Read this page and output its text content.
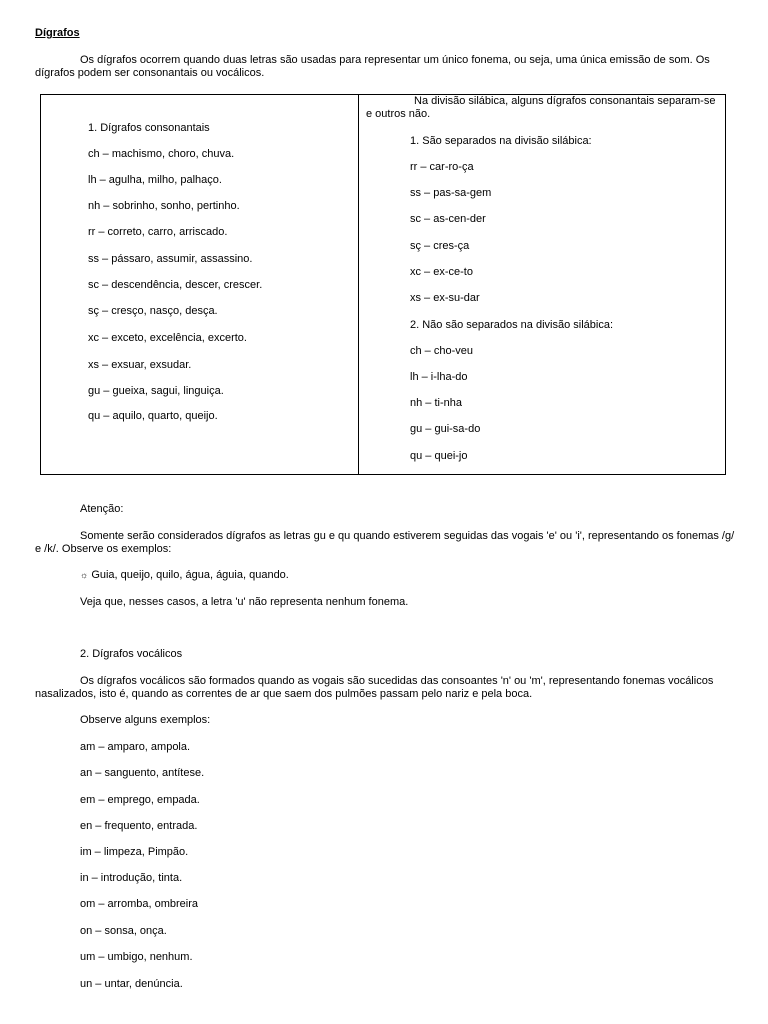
Dígrafos
Os dígrafos ocorrem quando duas letras são usadas para representar um único fonema, ou seja, uma única emissão de som. Os dígrafos podem ser consonantais ou vocálicos.
1. Dígrafos consonantais
ch – machismo, choro, chuva.
lh – agulha, milho, palhaço.
nh – sobrinho, sonho, pertinho.
rr – correto, carro, arriscado.
ss – pássaro, assumir, assassino.
sc – descendência, descer, crescer.
sç – cresço, nasço, desça.
xc – exceto, excelência, excerto.
xs – exsuar, exsudar.
gu – gueixa, sagui, linguiça.
qu – aquilo, quarto, queijo.
Na divisão silábica, alguns dígrafos consonantais separam-se e outros não.
1. São separados na divisão silábica:
rr – car-ro-ça
ss – pas-sa-gem
sc – as-cen-der
sç – cres-ça
xc – ex-ce-to
xs – ex-su-dar
2. Não são separados na divisão silábica:
ch – cho-veu
lh – i-lha-do
nh – ti-nha
gu – gui-sa-do
qu – quei-jo
Atenção:
Somente serão considerados dígrafos as letras gu e qu quando estiverem seguidas das vogais 'e' ou 'i', representando os fonemas /g/ e /k/. Observe os exemplos:
☼ Guia, queijo, quilo, água, águia, quando.
Veja que, nesses casos, a letra 'u' não representa nenhum fonema.
2. Dígrafos vocálicos
Os dígrafos vocálicos são formados quando as vogais são sucedidas das consoantes 'n' ou 'm', representando fonemas vocálicos nasalizados, isto é, quando as correntes de ar que saem dos pulmões passam pelo nariz e pela boca.
Observe alguns exemplos:
am – amparo, ampola.
an – sanguento, antítese.
em – emprego, empada.
en – frequento, entrada.
im – limpeza, Pimpão.
in – introdução, tinta.
om – arromba, ombreira
on – sonsa, onça.
um – umbigo, nenhum.
un – untar, denúncia.
